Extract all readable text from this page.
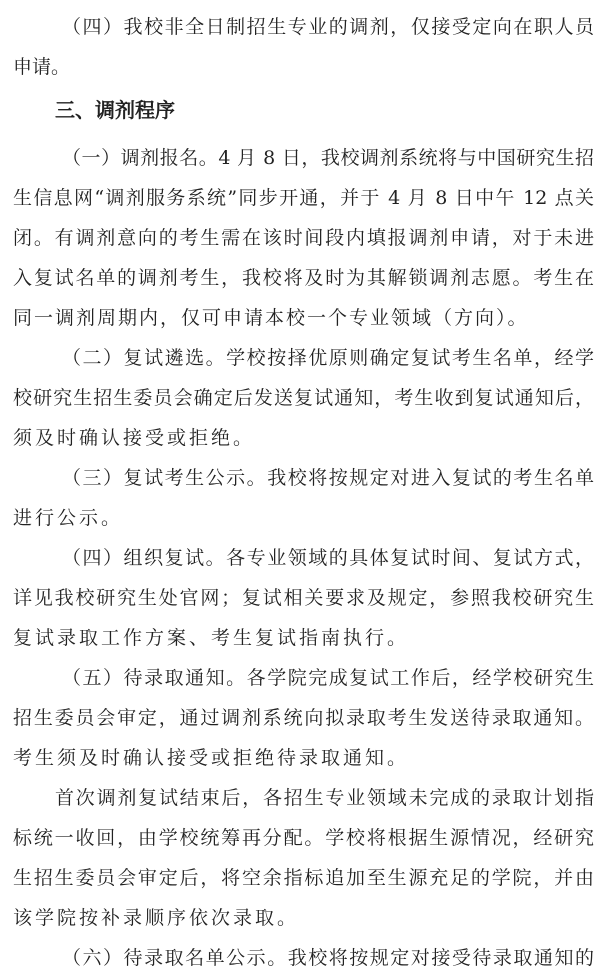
（四）我校非全日制招生专业的调剂，仅接受定向在职人员
申请。
三、调剂程序
（一）调剂报名。4 月 8 日，我校调剂系统将与中国研究生招
生信息网“调剂服务系统”同步开通，并于 4 月 8 日中午 12 点关
闭。有调剂意向的考生需在该时间段内填报调剂申请，对于未进
入复试名单的调剂考生，我校将及时为其解锁调剂志愿。考生在
同一调剂周期内，仅可申请本校一个专业领域（方向）。
（二）复试遴选。学校按择优原则确定复试考生名单，经学
校研究生招生委员会确定后发送复试通知，考生收到复试通知后，
须及时确认接受或拒绝。
（三）复试考生公示。我校将按规定对进入复试的考生名单
进行公示。
（四）组织复试。各专业领域的具体复试时间、复试方式，
详见我校研究生处官网；复试相关要求及规定，参照我校研究生
复试录取工作方案、考生复试指南执行。
（五）待录取通知。各学院完成复试工作后，经学校研究生
招生委员会审定，通过调剂系统向拟录取考生发送待录取通知。
考生须及时确认接受或拒绝待录取通知。
首次调剂复试结束后，各招生专业领域未完成的录取计划指
标统一收回，由学校统筹再分配。学校将根据生源情况，经研究
生招生委员会审定后，将空余指标追加至生源充足的学院，并由
该学院按补录顺序依次录取。
（六）待录取名单公示。我校将按规定对接受待录取通知的
